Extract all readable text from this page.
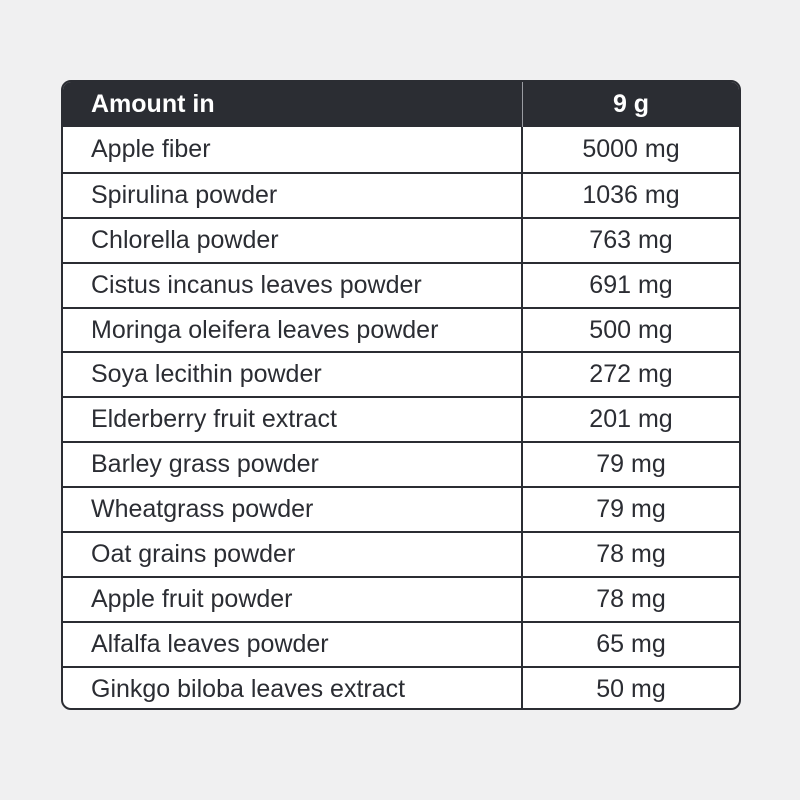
Amount in	9 g
Apple fiber	5000 mg
Spirulina powder	1036 mg
Chlorella powder	763 mg
Cistus incanus leaves powder	691 mg
Moringa oleifera leaves powder	500 mg
Soya lecithin powder	272 mg
Elderberry fruit extract	201 mg
Barley grass powder	79 mg
Wheatgrass powder	79 mg
Oat grains powder	78 mg
Apple fruit powder	78 mg
Alfalfa leaves powder	65 mg
Ginkgo biloba leaves extract	50 mg
